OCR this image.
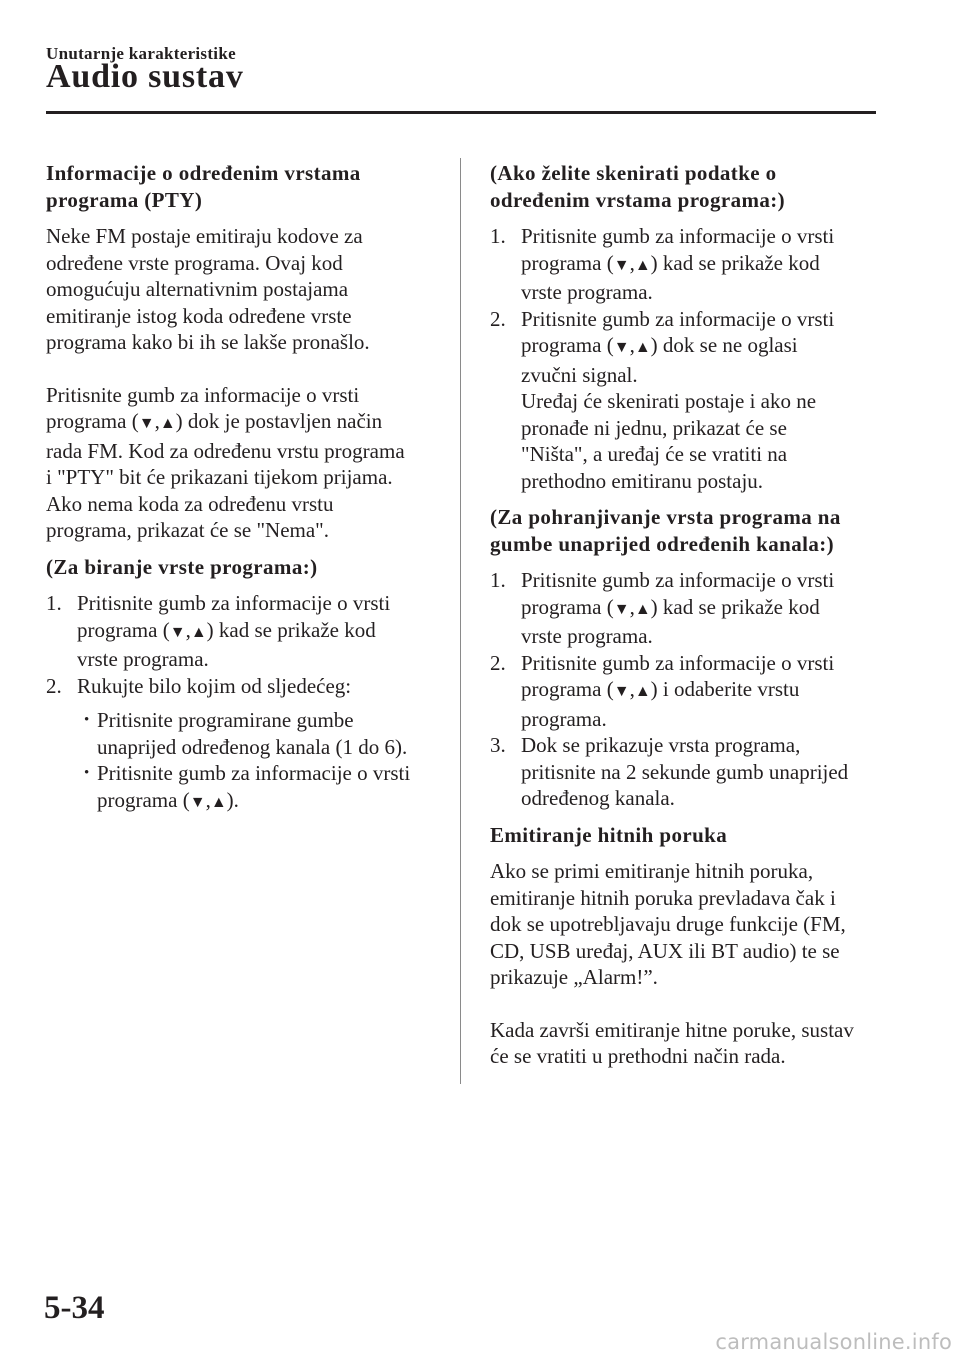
Unutarnje karakteristike
Audio sustav

Informacije o određenim vrstama
programa (PTY)

Neke FM postaje emitiraju kodove za
određene vrste programa. Ovaj kod
omogućuju alternativnim postajama
emitiranje istog koda određene vrste
programa kako bi ih se lakše pronašlo.

Pritisnite gumb za informacije o vrsti
programa (▼,▲) dok je postavljen način
rada FM. Kod za određenu vrstu programa
i "PTY" bit će prikazani tijekom prijama.
Ako nema koda za određenu vrstu
programa, prikazat će se "Nema".

(Za biranje vrste programa:)

1. Pritisnite gumb za informacije o vrsti
programa (▼,▲) kad se prikaže kod
vrste programa.
2. Rukujte bilo kojim od sljedećeg:
• Pritisnite programirane gumbe
unaprijed određenog kanala (1 do 6).
• Pritisnite gumb za informacije o vrsti
programa (▼,▲).

(Ako želite skenirati podatke o
određenim vrstama programa:)

1. Pritisnite gumb za informacije o vrsti
programa (▼,▲) kad se prikaže kod
vrste programa.
2. Pritisnite gumb za informacije o vrsti
programa (▼,▲) dok se ne oglasi
zvučni signal.
Uređaj će skenirati postaje i ako ne
pronađe ni jednu, prikazat će se
"Ništa", a uređaj će se vratiti na
prethodno emitiranu postaju.

(Za pohranjivanje vrsta programa na
gumbe unaprijed određenih kanala:)

1. Pritisnite gumb za informacije o vrsti
programa (▼,▲) kad se prikaže kod
vrste programa.
2. Pritisnite gumb za informacije o vrsti
programa (▼,▲) i odaberite vrstu
programa.
3. Dok se prikazuje vrsta programa,
pritisnite na 2 sekunde gumb unaprijed
određenog kanala.

Emitiranje hitnih poruka

Ako se primi emitiranje hitnih poruka,
emitiranje hitnih poruka prevladava čak i
dok se upotrebljavaju druge funkcije (FM,
CD, USB uređaj, AUX ili BT audio) te se
prikazuje „Alarm!”.

Kada završi emitiranje hitne poruke, sustav
će se vratiti u prethodni način rada.

5-34
carmanualsonline.info
